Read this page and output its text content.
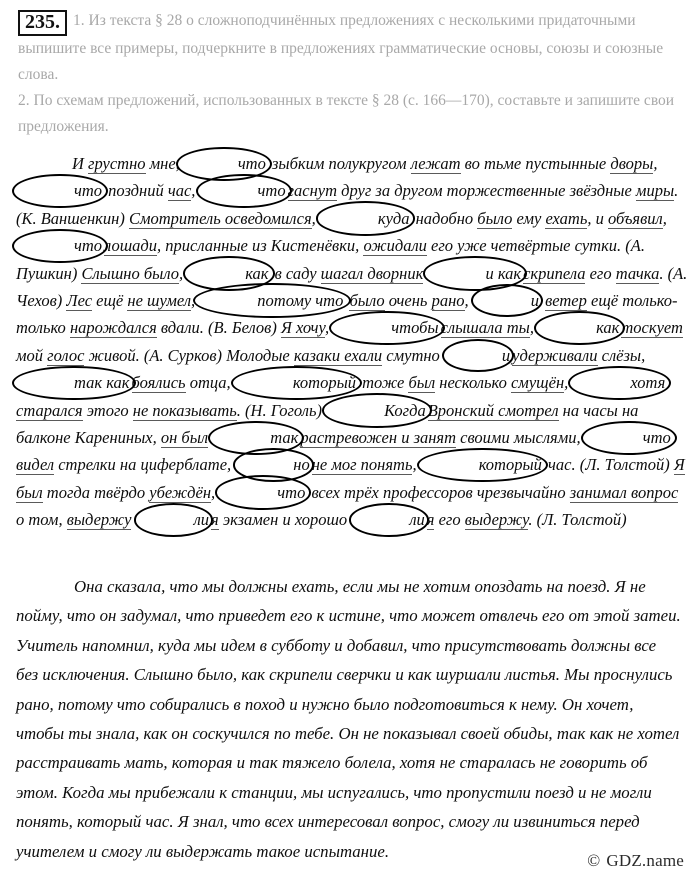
235. 1. Из текста § 28 о сложноподчинённых предложениях с несколькими придаточными выпишите все примеры, подчеркните в предложениях грамматические основы, союзы и союзные слова.

2. По схемам предложений, использованных в тексте § 28 (с. 166—170), составьте и запишите свои предложения.

И грустно мне,	что зыбким полукругом лежат во тьме пустынные дворы, что поздний час,	что гаснут друг за другом торжественные звёздные миры. (К. Ваншенкин) Смотритель осведомился,	куда надобно было ему ехать, и объявил, что лошади, присланные из Кистенёвки, ожидали его уже четвёртые сутки. (А. Пушкин) Слышно было,	как в саду шагал дворник	и как скрипела его тачка. (А. Чехов) Лес ещё не шумел,	потому что было очень рано,	и ветер ещё только-только нарождался вдали. (В. Белов) Я хочу,	чтобы слышала ты,	как тоскует мой голос живой. (А. Сурков) Молодые казаки ехали смутно	и удерживали слёзы, так как боялись отца,	который тоже был несколько смущён,	хотястарался этого не показывать. (Н. Гоголь)	Когда Вронский смотрел на часы на балконе Карениных, он был	так растревожен и занят своими мыслями,	чтовидел стрелки на циферблате,	но не мог понять,	который час. (Л. Толстой) Я был тогда твёрдо убеждён,	что всех трёх профессоров чрезвычайно занимал вопрос о том, выдержу	ли я экзамен и хорошо	ли я его выдержу. (Л. Толстой)

Она сказала, что мы должны ехать, если мы не хотим опоздать на поезд. Я не пойму, что он задумал, что приведет его к истине, что может отвлечь его от этой затеи. Учитель напомнил, куда мы идем в субботу и добавил, что присутствовать должны все без исключения. Слышно было, как скрипели сверчки и как шуршали листья. Мы проснулись рано, потому что собирались в поход и нужно было подготовиться к нему. Он хочет, чтобы ты знала, как он соскучился по тебе. Он не показывал своей обиды, так как не хотел расстраивать мать, которая и так тяжело болела, хотя не старалась не говорить об этом. Когда мы прибежали к станции, мы испугались, что пропустили поезд и не могли понять, который час. Я знал, что всех интересовал вопрос, смогу ли извиниться перед учителем и смогу ли выдержать такое испытание.	© GDZ.name
